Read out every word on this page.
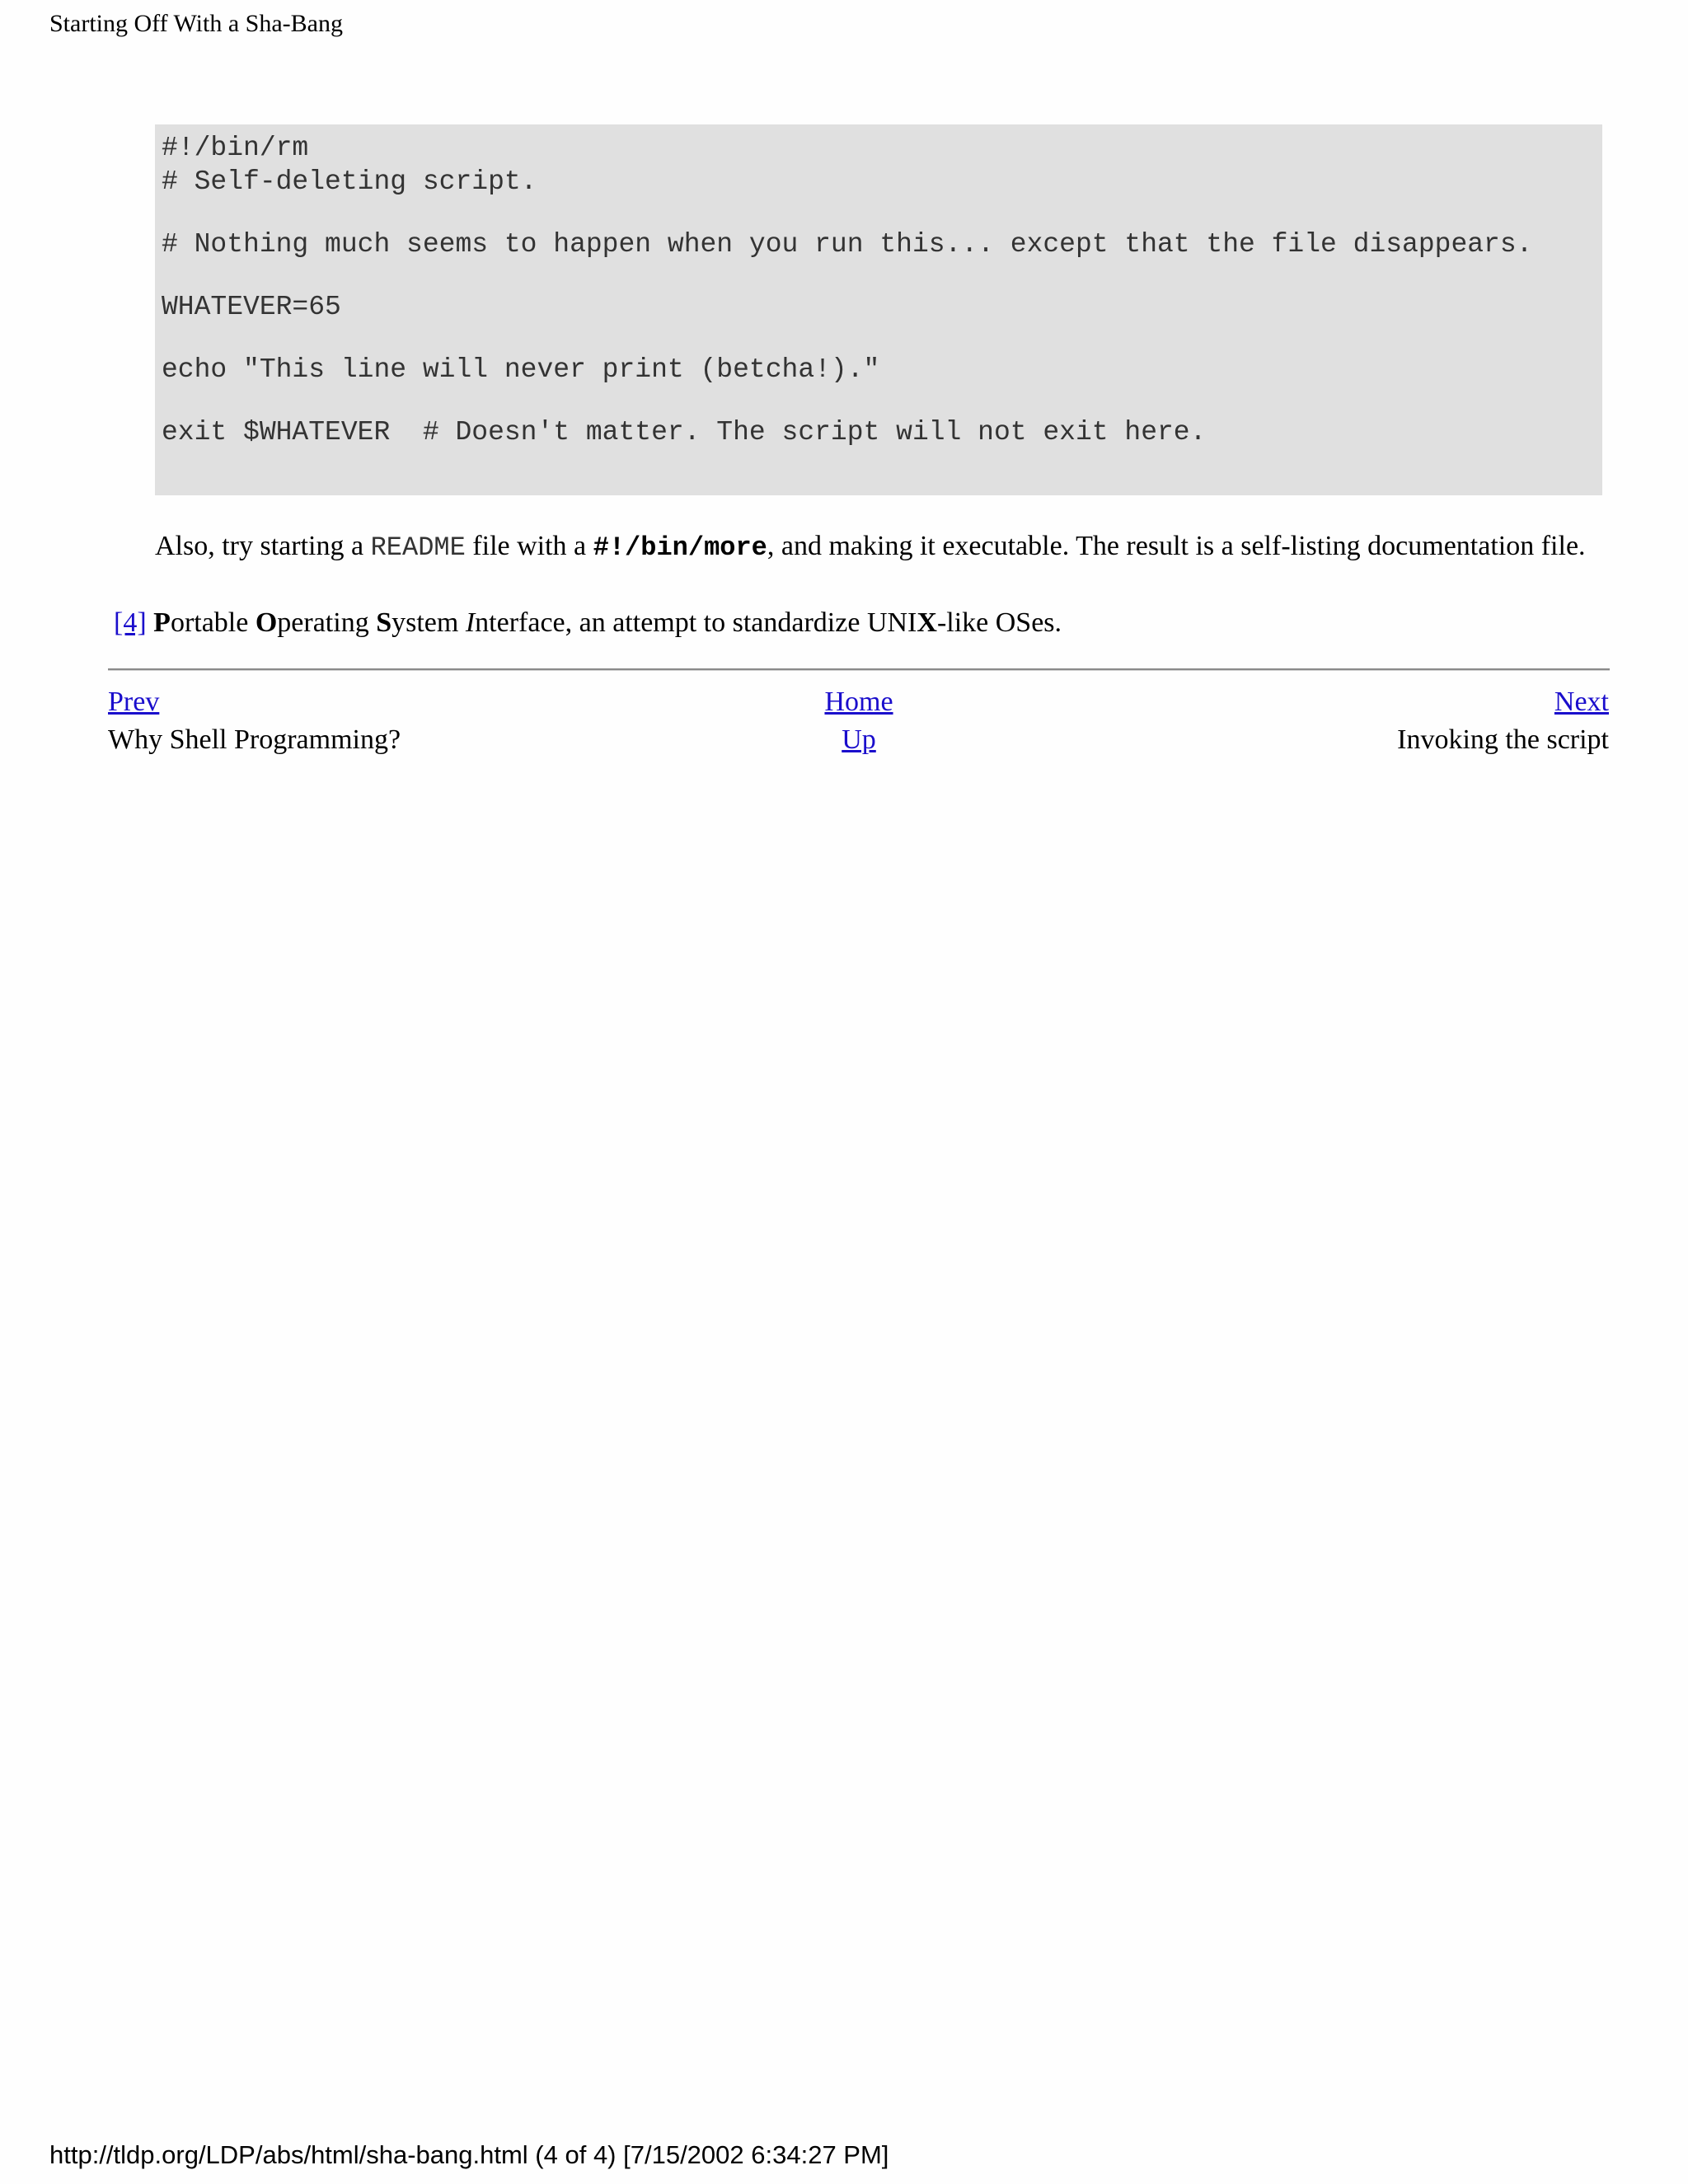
Starting Off With a Sha-Bang
#!/bin/rm
# Self-deleting script.
# Nothing much seems to happen when you run this... except that the file disappears.
WHATEVER=65
echo "This line will never print (betcha!)."
exit $WHATEVER  # Doesn't matter. The script will not exit here.
Also, try starting a README file with a #!/bin/more, and making it executable. The result is a self-listing documentation file.
[4] Portable Operating System Interface, an attempt to standardize UNIX-like OSes.
Prev	Home	Next
Why Shell Programming?	Up	Invoking the script
http://tldp.org/LDP/abs/html/sha-bang.html (4 of 4) [7/15/2002 6:34:27 PM]
